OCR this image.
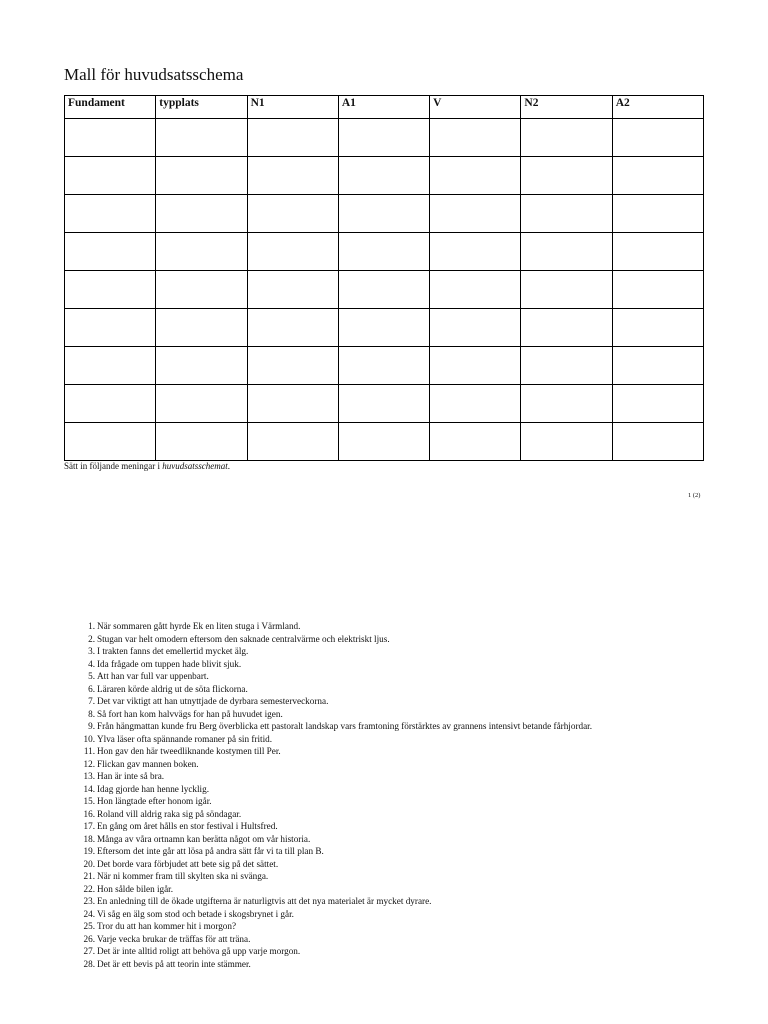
Mall för huvudsatsschema
Fundament	typplats	N1	A1	V	N2	A2

Sätt in följande meningar i huvudsatsschemat.
1 (2)
1. När sommaren gått hyrde Ek en liten stuga i Värmland.
2. Stugan var helt omodern eftersom den saknade centralvärme och elektriskt ljus.
3. I trakten fanns det emellertid mycket älg.
4. Ida frågade om tuppen hade blivit sjuk.
5. Att han var full var uppenbart.
6. Läraren körde aldrig ut de söta flickorna.
7. Det var viktigt att han utnyttjade de dyrbara semesterveckorna.
8. Så fort han kom halvvägs for han på huvudet igen.
9. Från hängmattan kunde fru Berg överblicka ett pastoralt landskap vars framtoning förstärktes av grannens intensivt betande fårhjordar.
10. Ylva läser ofta spännande romaner på sin fritid.
11. Hon gav den här tweedliknande kostymen till Per.
12. Flickan gav mannen boken.
13. Han är inte så bra.
14. Idag gjorde han henne lycklig.
15. Hon längtade efter honom igår.
16. Roland vill aldrig raka sig på söndagar.
17. En gång om året hålls en stor festival i Hultsfred.
18. Många av våra ortnamn kan berätta något om vår historia.
19. Eftersom det inte går att lösa på andra sätt får vi ta till plan B.
20. Det borde vara förbjudet att bete sig på det sättet.
21. När ni kommer fram till skylten ska ni svänga.
22. Hon sålde bilen igår.
23. En anledning till de ökade utgifterna är naturligtvis att det nya materialet är mycket dyrare.
24. Vi såg en älg som stod och betade i skogsbrynet i går.
25. Tror du att han kommer hit i morgon?
26. Varje vecka brukar de träffas för att träna.
27. Det är inte alltid roligt att behöva gå upp varje morgon.
28. Det är ett bevis på att teorin inte stämmer.
